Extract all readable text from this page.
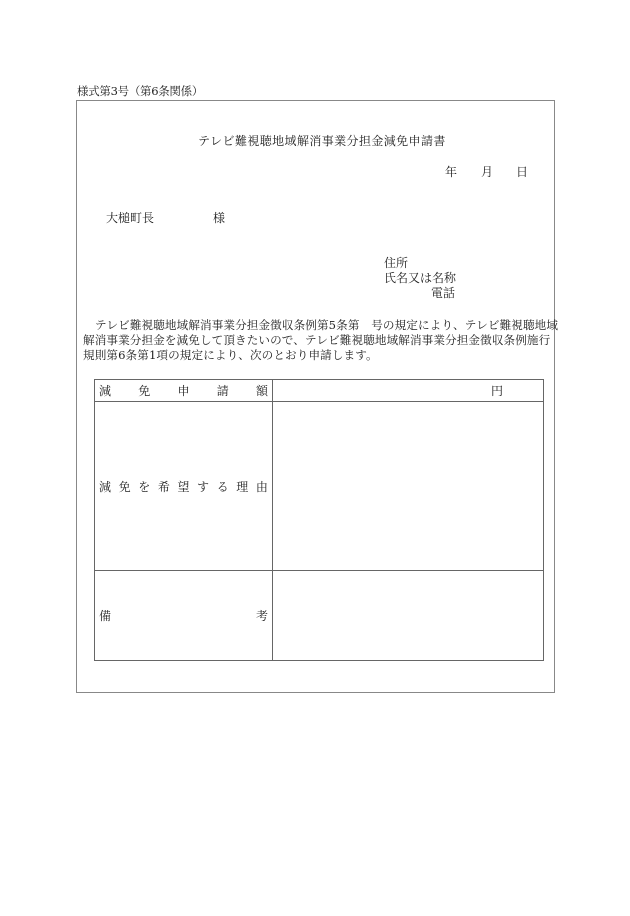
様式第3号（第6条関係）
テレビ難視聴地域解消事業分担金減免申請書
年 月 日
大槌町長	様
住所
氏名又は名称
電話
テレビ難視聴地域解消事業分担金徴収条例第5条第　号の規定により、テレビ難視聴地域解消事業分担金を減免して頂きたいので、テレビ難視聴地域解消事業分担金徴収条例施行規則第6条第1項の規定により、次のとおり申請します。
減 免 申 請 額	円

減 免 を 希 望 す る 理 由

備 考	
